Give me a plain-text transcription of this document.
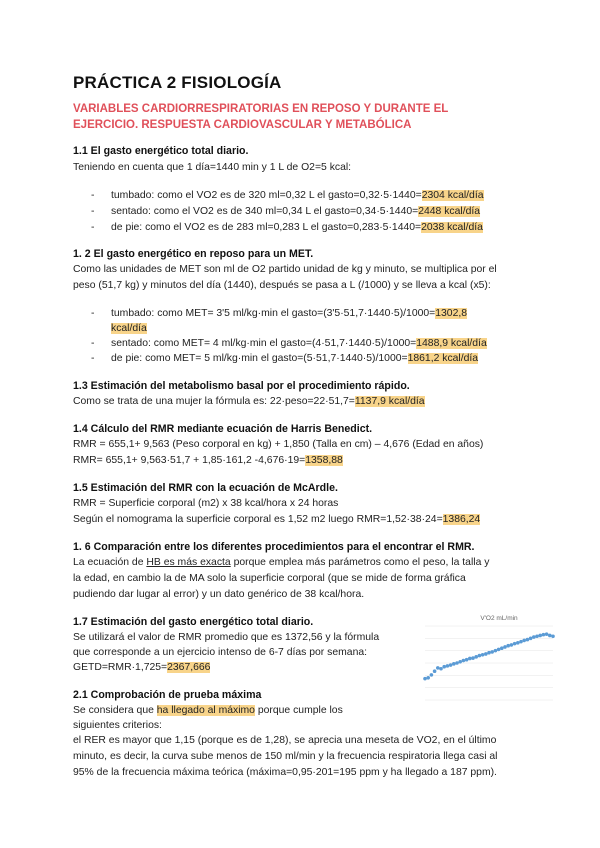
PRÁCTICA 2 FISIOLOGÍA
VARIABLES CARDIORRESPIRATORIAS EN REPOSO Y DURANTE EL EJERCICIO. RESPUESTA CARDIOVASCULAR Y METABÓLICA
1.1 El gasto energético total diario.
Teniendo en cuenta que 1 día=1440 min y 1 L de O2=5 kcal:
- tumbado: como el VO2 es de 320 ml=0,32 L el gasto=0,32·5·1440=2304 kcal/día
- sentado: como el VO2 es de 340 ml=0,34 L el gasto=0,34·5·1440=2448 kcal/día
- de pie: como el VO2 es de 283 ml=0,283 L el gasto=0,283·5·1440=2038 kcal/día
1. 2 El gasto energético en reposo para un MET.
Como las unidades de MET son ml de O2 partido unidad de kg y minuto, se multiplica por el
peso (51,7 kg) y minutos del día (1440), después se pasa a L (/1000) y se lleva a kcal (x5):
- tumbado: como MET= 3'5 ml/kg·min el gasto=(3'5·51,7·1440·5)/1000=1302,8
kcal/día
- sentado: como MET= 4 ml/kg·min el gasto=(4·51,7·1440·5)/1000=1488,9 kcal/día
- de pie: como MET= 5 ml/kg·min el gasto=(5·51,7·1440·5)/1000=1861,2 kcal/día
1.3 Estimación del metabolismo basal por el procedimiento rápido.
Como se trata de una mujer la fórmula es: 22·peso=22·51,7=1137,9 kcal/día
1.4 Cálculo del RMR mediante ecuación de Harris Benedict.
RMR = 655,1+ 9,563 (Peso corporal en kg) + 1,850 (Talla en cm) – 4,676 (Edad en años)
RMR= 655,1+ 9,563·51,7 + 1,85·161,2 -4,676·19=1358,88
1.5 Estimación del RMR con la ecuación de McArdle.
RMR = Superficie corporal (m2) x 38 kcal/hora x 24 horas
Según el nomograma la superficie corporal es 1,52 m2 luego RMR=1,52·38·24=1386,24
1. 6 Comparación entre los diferentes procedimientos para el encontrar el RMR.
La ecuación de HB es más exacta porque emplea más parámetros como el peso, la talla y
la edad, en cambio la de MA solo la superficie corporal (que se mide de forma gráfica
pudiendo dar lugar al error) y un dato genérico de 38 kcal/hora.
1.7 Estimación del gasto energético total diario.
Se utilizará el valor de RMR promedio que es 1372,56 y la fórmula
que corresponde a un ejercicio intenso de 6-7 días por semana:
GETD=RMR·1,725=2367,666
V'O2 mL/min
2.1 Comprobación de prueba máxima
Se considera que ha llegado al máximo porque cumple los
siguientes criterios:
el RER es mayor que 1,15 (porque es de 1,28), se aprecia una meseta de VO2, en el último
minuto, es decir, la curva sube menos de 150 ml/min y la frecuencia respiratoria llega casi al
95% de la frecuencia máxima teórica (máxima=0,95·201=195 ppm y ha llegado a 187 ppm).
